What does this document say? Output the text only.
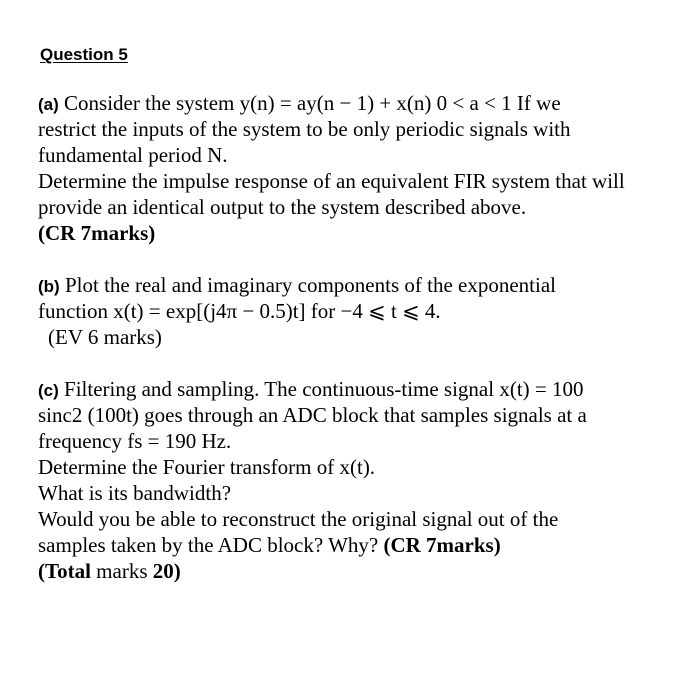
Question 5
(a) Consider the system y(n) = ay(n − 1) + x(n) 0 < a < 1 If we
restrict the inputs of the system to be only periodic signals with
fundamental period N.
Determine the impulse response of an equivalent FIR system that will
provide an identical output to the system described above.
(CR 7marks)
(b) Plot the real and imaginary components of the exponential
function x(t) = exp[(j4π − 0.5)t] for −4 ⩽ t ⩽ 4.
(EV 6 marks)
(c) Filtering and sampling. The continuous-time signal x(t) = 100
sinc2 (100t) goes through an ADC block that samples signals at a
frequency fs = 190 Hz.
Determine the Fourier transform of x(t).
What is its bandwidth?
Would you be able to reconstruct the original signal out of the
samples taken by the ADC block? Why? (CR 7marks)
(Total marks 20)
